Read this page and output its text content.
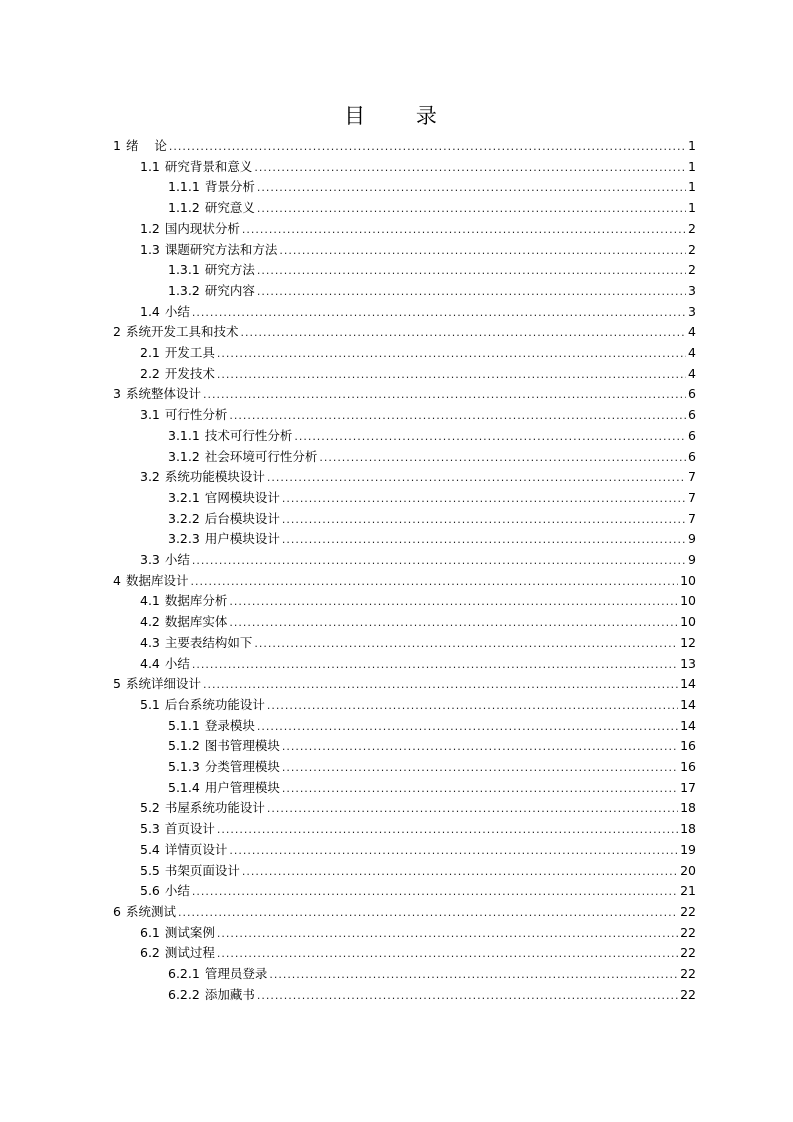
目 录
1 绪    论 .....	1
1.1 研究背景和意义 .....	1
1.1.1 背景分析 .....	1
1.1.2 研究意义 .....	1
1.2 国内现状分析 .....	2
1.3 课题研究方法和方法 .....	2
1.3.1 研究方法 .....	2
1.3.2 研究内容 .....	3
1.4 小结 .....	3
2 系统开发工具和技术 .....	4
2.1 开发工具 .....	4
2.2 开发技术 .....	4
3 系统整体设计 .....	6
3.1 可行性分析 .....	6
3.1.1 技术可行性分析 .....	6
3.1.2 社会环境可行性分析 .....	6
3.2 系统功能模块设计 .....	7
3.2.1 官网模块设计 .....	7
3.2.2 后台模块设计 .....	7
3.2.3 用户模块设计 .....	9
3.3 小结 .....	9
4 数据库设计 .....	10
4.1 数据库分析 .....	10
4.2 数据库实体 .....	10
4.3 主要表结构如下 .....	12
4.4 小结 .....	13
5 系统详细设计 .....	14
5.1 后台系统功能设计 .....	14
5.1.1 登录模块 .....	14
5.1.2 图书管理模块 .....	16
5.1.3 分类管理模块 .....	16
5.1.4 用户管理模块 .....	17
5.2 书屋系统功能设计 .....	18
5.3 首页设计 .....	18
5.4 详情页设计 .....	19
5.5 书架页面设计 .....	20
5.6 小结 .....	21
6 系统测试 .....	22
6.1 测试案例 .....	22
6.2 测试过程 .....	22
6.2.1 管理员登录 .....	22
6.2.2 添加藏书 .....	22
